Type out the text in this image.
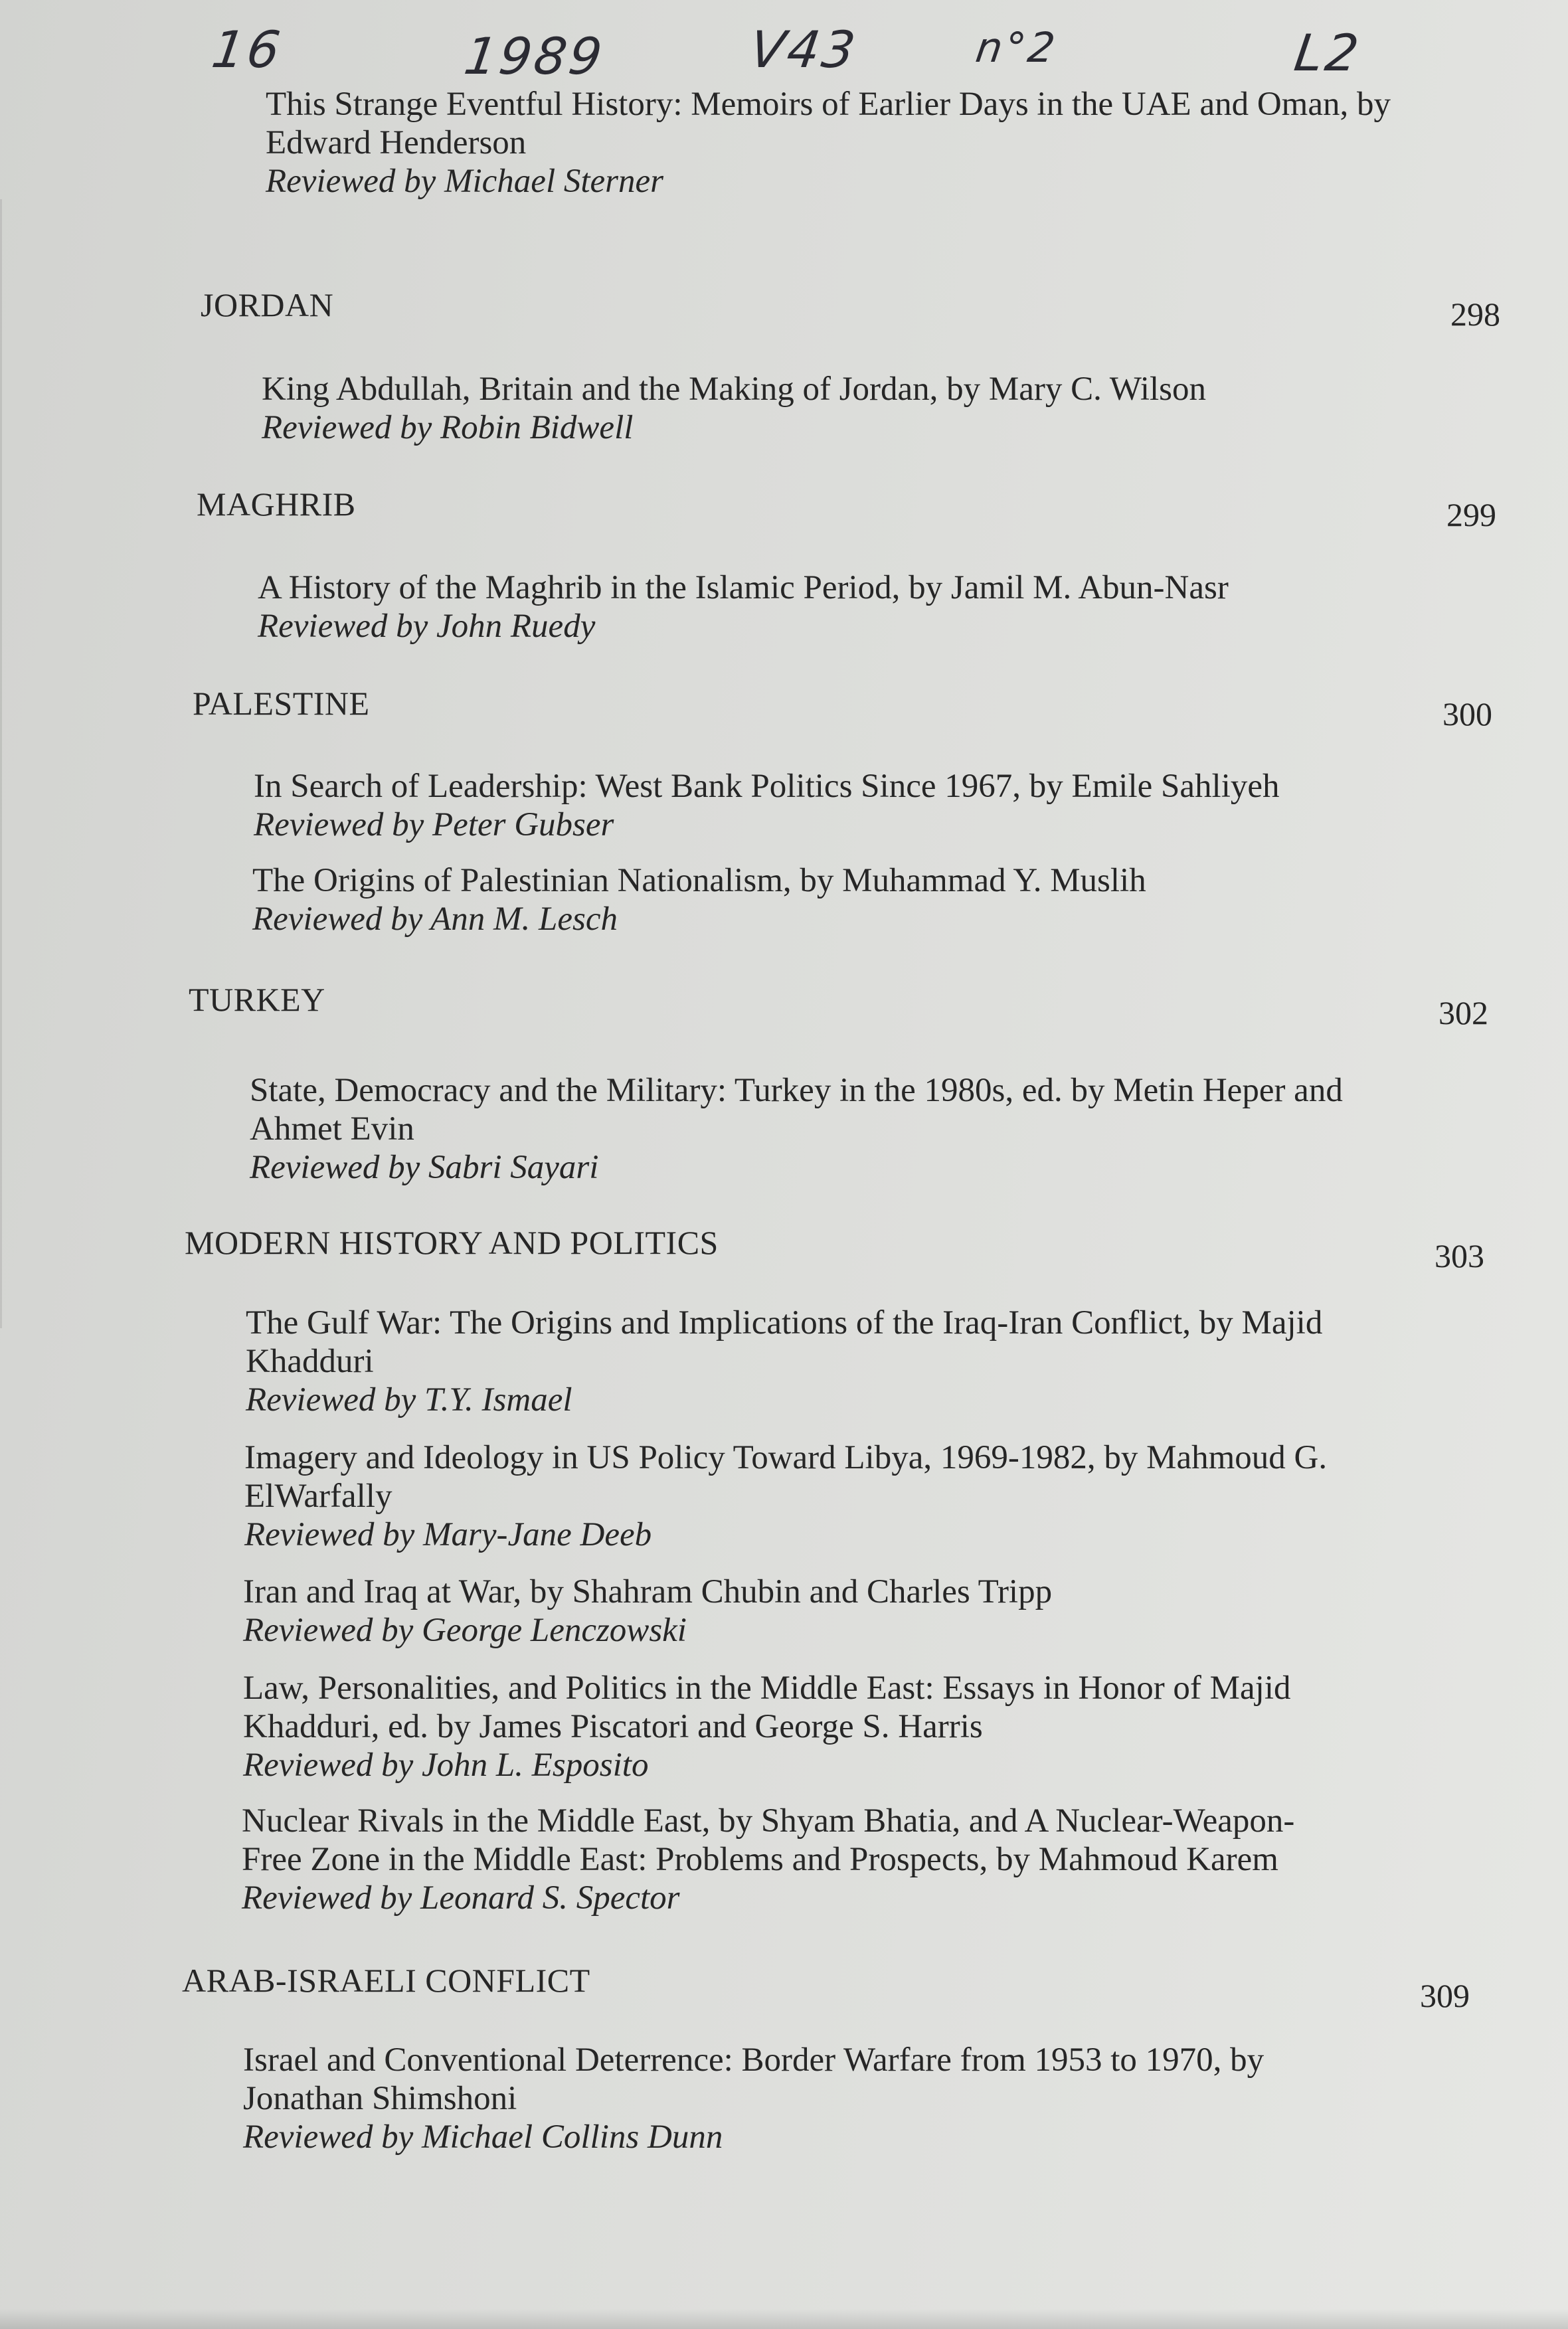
16	1989	V43	n°2	L2
This Strange Eventful History: Memoirs of Earlier Days in the UAE and Oman, by Edward Henderson
Reviewed by Michael Sterner
JORDAN	298
King Abdullah, Britain and the Making of Jordan, by Mary C. Wilson
Reviewed by Robin Bidwell
MAGHRIB	299
A History of the Maghrib in the Islamic Period, by Jamil M. Abun-Nasr
Reviewed by John Ruedy
PALESTINE	300
In Search of Leadership: West Bank Politics Since 1967, by Emile Sahliyeh
Reviewed by Peter Gubser
The Origins of Palestinian Nationalism, by Muhammad Y. Muslih
Reviewed by Ann M. Lesch
TURKEY	302
State, Democracy and the Military: Turkey in the 1980s, ed. by Metin Heper and Ahmet Evin
Reviewed by Sabri Sayari
MODERN HISTORY AND POLITICS	303
The Gulf War: The Origins and Implications of the Iraq-Iran Conflict, by Majid Khadduri
Reviewed by T.Y. Ismael
Imagery and Ideology in US Policy Toward Libya, 1969-1982, by Mahmoud G. ElWarfally
Reviewed by Mary-Jane Deeb
Iran and Iraq at War, by Shahram Chubin and Charles Tripp
Reviewed by George Lenczowski
Law, Personalities, and Politics in the Middle East: Essays in Honor of Majid Khadduri, ed. by James Piscatori and George S. Harris
Reviewed by John L. Esposito
Nuclear Rivals in the Middle East, by Shyam Bhatia, and A Nuclear-Weapon-Free Zone in the Middle East: Problems and Prospects, by Mahmoud Karem
Reviewed by Leonard S. Spector
ARAB-ISRAELI CONFLICT	309
Israel and Conventional Deterrence: Border Warfare from 1953 to 1970, by Jonathan Shimshoni
Reviewed by Michael Collins Dunn
